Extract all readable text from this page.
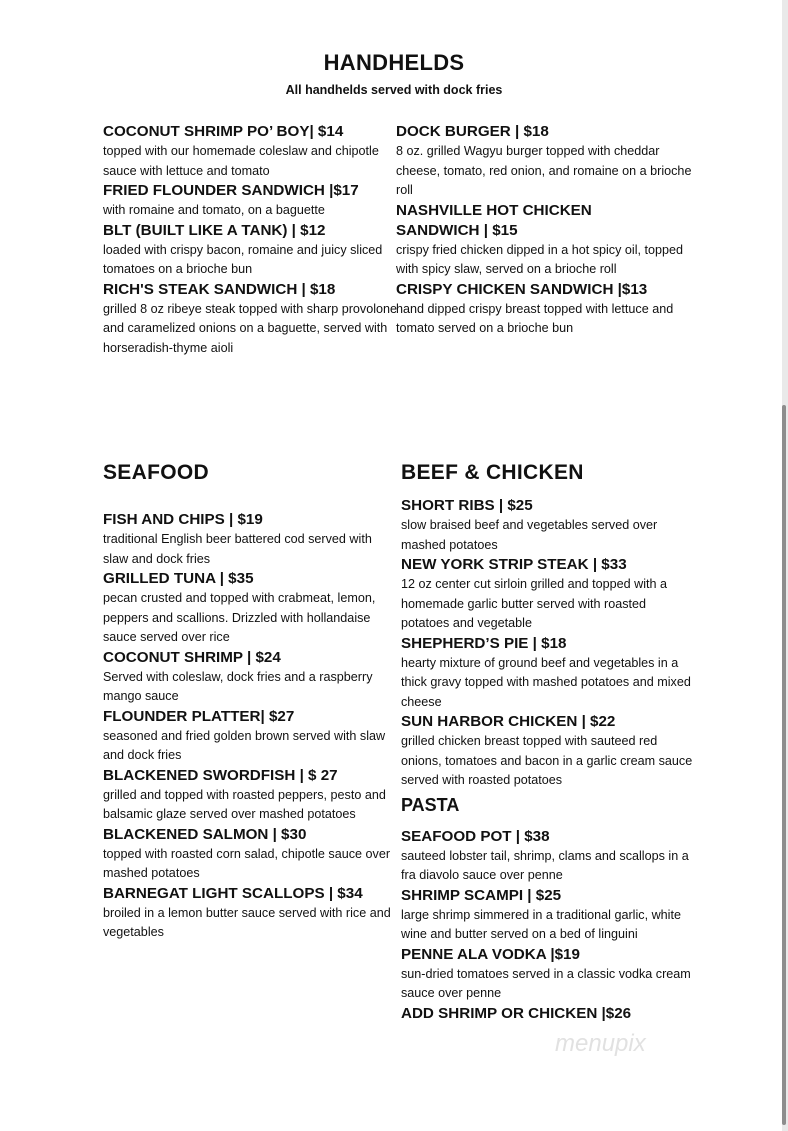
HANDHELDS
All handhelds served with dock fries

COCONUT SHRIMP PO’ BOY| $14

topped with our homemade coleslaw and chipotle sauce with lettuce and tomato

FRIED FLOUNDER SANDWICH |$17

with romaine and tomato, on a baguette

BLT (BUILT LIKE A TANK) | $12

loaded with crispy bacon, romaine and juicy sliced tomatoes on a brioche bun

RICH'S STEAK SANDWICH | $18

grilled 8 oz ribeye steak topped with sharp provolone and caramelized onions on a baguette, served with horseradish-thyme aioli

DOCK BURGER | $18

8 oz. grilled Wagyu burger topped with cheddar cheese, tomato, red onion, and romaine on a brioche roll

NASHVILLE HOT CHICKEN SANDWICH | $15

crispy fried chicken dipped in a hot spicy oil, topped with spicy slaw, served on a brioche roll

CRISPY CHICKEN SANDWICH |$13

hand dipped crispy breast topped with lettuce and tomato served on a brioche bun

SEAFOOD

FISH AND CHIPS | $19

traditional English beer battered cod served with slaw and dock fries

GRILLED TUNA | $35

pecan crusted and topped with crabmeat, lemon, peppers and scallions. Drizzled with hollandaise sauce served over rice

COCONUT SHRIMP | $24

Served with coleslaw, dock fries and a raspberry mango sauce

FLOUNDER PLATTER| $27

seasoned and fried golden brown served with slaw and dock fries

BLACKENED SWORDFISH | $ 27

grilled and topped with roasted peppers, pesto and balsamic glaze served over mashed potatoes

BLACKENED SALMON | $30

topped with roasted corn salad, chipotle sauce over mashed potatoes

BARNEGAT LIGHT SCALLOPS | $34

broiled in a lemon butter sauce served with rice and vegetables

BEEF & CHICKEN

SHORT RIBS | $25

slow braised beef and vegetables served over mashed potatoes

NEW YORK STRIP STEAK | $33

12 oz center cut sirloin grilled and topped with a homemade garlic butter served with roasted potatoes and vegetable

SHEPHERD’S PIE | $18

hearty mixture of ground beef and vegetables in a thick gravy topped with mashed potatoes and mixed cheese

SUN HARBOR CHICKEN | $22

grilled chicken breast topped with sauteed red onions, tomatoes and bacon in a garlic cream sauce served with roasted potatoes

PASTA

SEAFOOD POT | $38

sauteed lobster tail, shrimp, clams and scallops in a fra diavolo sauce over penne

SHRIMP SCAMPI | $25

large shrimp simmered in a traditional garlic, white wine and butter served on a bed of linguini

PENNE ALA VODKA |$19

sun-dried tomatoes served in a classic vodka cream sauce over penne

ADD SHRIMP OR CHICKEN |$26

menupix
